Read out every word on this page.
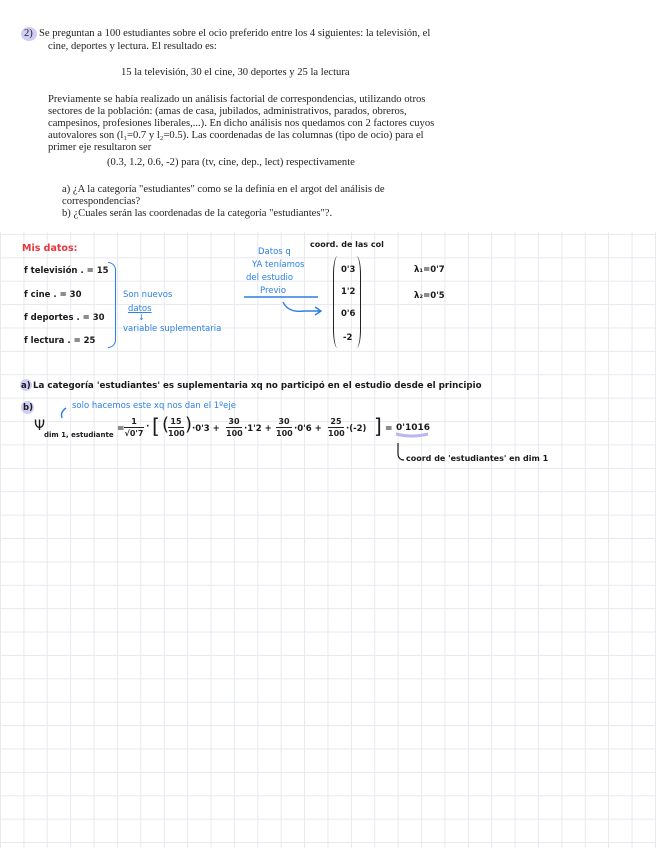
2) Se preguntan a 100 estudiantes sobre el ocio preferido entre los 4 siguientes: la televisión, el
cine, deportes y lectura. El resultado es:
15 la televisión, 30 el cine, 30 deportes y 25 la lectura
Previamente se había realizado un análisis factorial de correspondencias, utilizando otros
sectores de la población: (amas de casa, jubilados, administrativos, parados, obreros,
campesinos, profesiones liberales,...). En dicho análisis nos quedamos con 2 factores cuyos
autovalores son (l₁=0.7 y l₂=0.5). Las coordenadas de las columnas (tipo de ocio) para el
primer eje resultaron ser
(0.3, 1.2, 0.6, -2) para (tv, cine, dep., lect) respectivamente
a) ¿A la categoría "estudiantes" como se la definía en el argot del análisis de
correspondencias?
b) ¿Cuales serán las coordenadas de la categoría "estudiantes"?.
Mis datos:
f televisión . = 15
f cine . = 30
f deportes . = 30
f lectura . = 25
Son nuevos
datos
↓
variable suplementaria
Datos q
YA teníamos
del estudio
Previo
coord. de las col
0'3
1'2
0'6
-2
λ₁=0'7
λ₂=0'5
a) La categoría 'estudiantes' es suplementaria xq no participó en el estudio desde el principio
b)	solo hacemos este xq nos dan el 1ºeje
Ψ
dim 1, estudiante
=
1
√0'7
· [ ( 15
100 ) ·0'3 +
30
100 ·1'2 +
30
100 ·0'6 +
25
100 ·(-2) ] = 0'1016
coord de 'estudiantes' en dim 1
